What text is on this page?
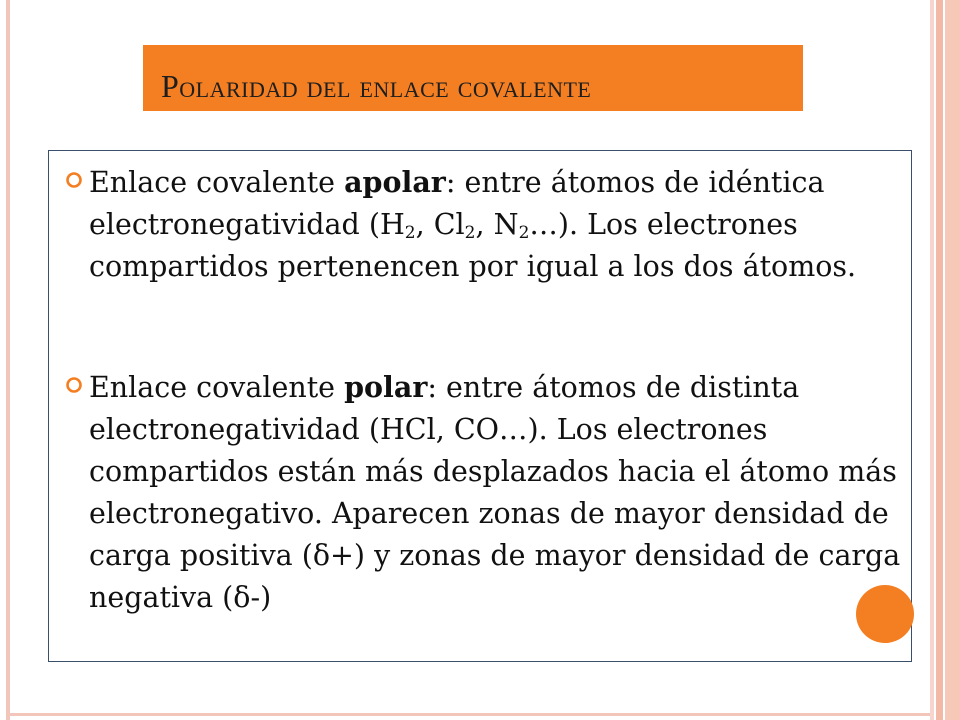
Polaridad del enlace covalente

Enlace covalente apolar: entre átomos de idéntica electronegatividad ($H_2$, $Cl_2$, $N_2\dots$). Los electrones compartidos pertenencen por igual a los dos átomos.

Enlace covalente polar: entre átomos de distinta electronegatividad (HCl, CO…). Los electrones compartidos están más desplazados hacia el átomo más electronegativo. Aparecen zonas de mayor densidad de carga positiva (δ+) y zonas de mayor densidad de carga negativa (δ-)
